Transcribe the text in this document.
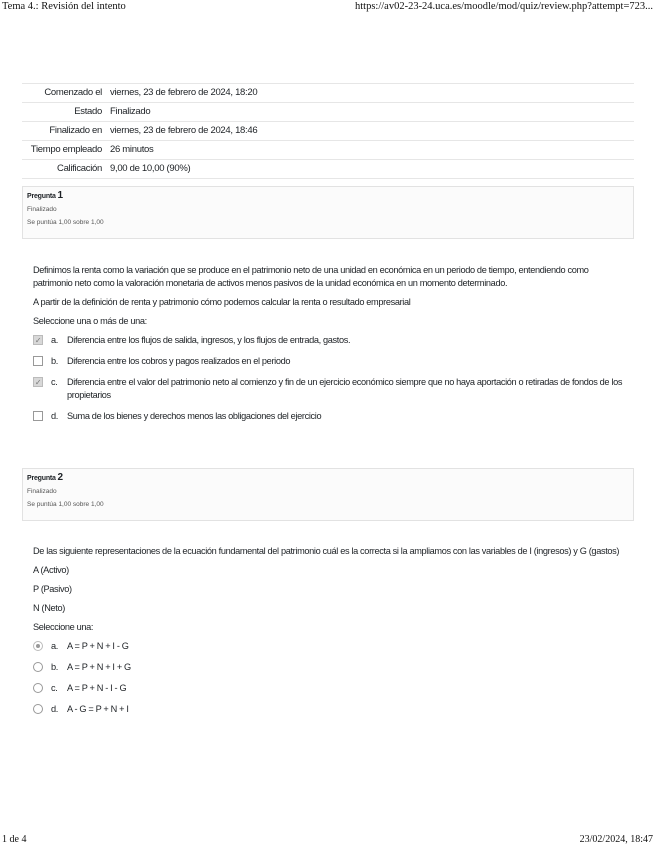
Tema 4.: Revisión del intento	https://av02-23-24.uca.es/moodle/mod/quiz/review.php?attempt=723...
Comenzado el viernes, 23 de febrero de 2024, 18:20
Estado Finalizado
Finalizado en viernes, 23 de febrero de 2024, 18:46
Tiempo empleado 26 minutos
Calificación 9,00 de 10,00 (90%)
Pregunta 1
Finalizado
Se puntúa 1,00 sobre 1,00

Definimos la renta como la variación que se produce en el patrimonio neto de una unidad en económica en un periodo de tiempo, entendiendo como patrimonio neto como la valoración monetaria de activos menos pasivos de la unidad económica en un momento determinado.

A partir de la definición de renta y patrimonio cómo podemos calcular la renta o resultado empresarial

Seleccione una o más de una:

✓ a. Diferencia entre los flujos de salida, ingresos, y los flujos de entrada, gastos.
b. Diferencia entre los cobros y pagos realizados en el periodo
✓ c.	Diferencia entre el valor del patrimonio neto al comienzo y fin de un ejercicio económico siempre que no haya aportación o retiradas de fondos de los propietarios
d. Suma de los bienes y derechos menos las obligaciones del ejercicio
Pregunta 2
Finalizado
Se puntúa 1,00 sobre 1,00

De las siguiente representaciones de la ecuación fundamental del patrimonio cuál es la correcta si la ampliamos con las variables de I (ingresos) y G (gastos)

A (Activo)

P (Pasivo)

N (Neto)

Seleccione una:

a. A = P + N + I - G
b. A = P + N + I + G
c.	A = P + N - I - G
d. A - G = P + N + I
1 de 4	23/02/2024, 18:47
